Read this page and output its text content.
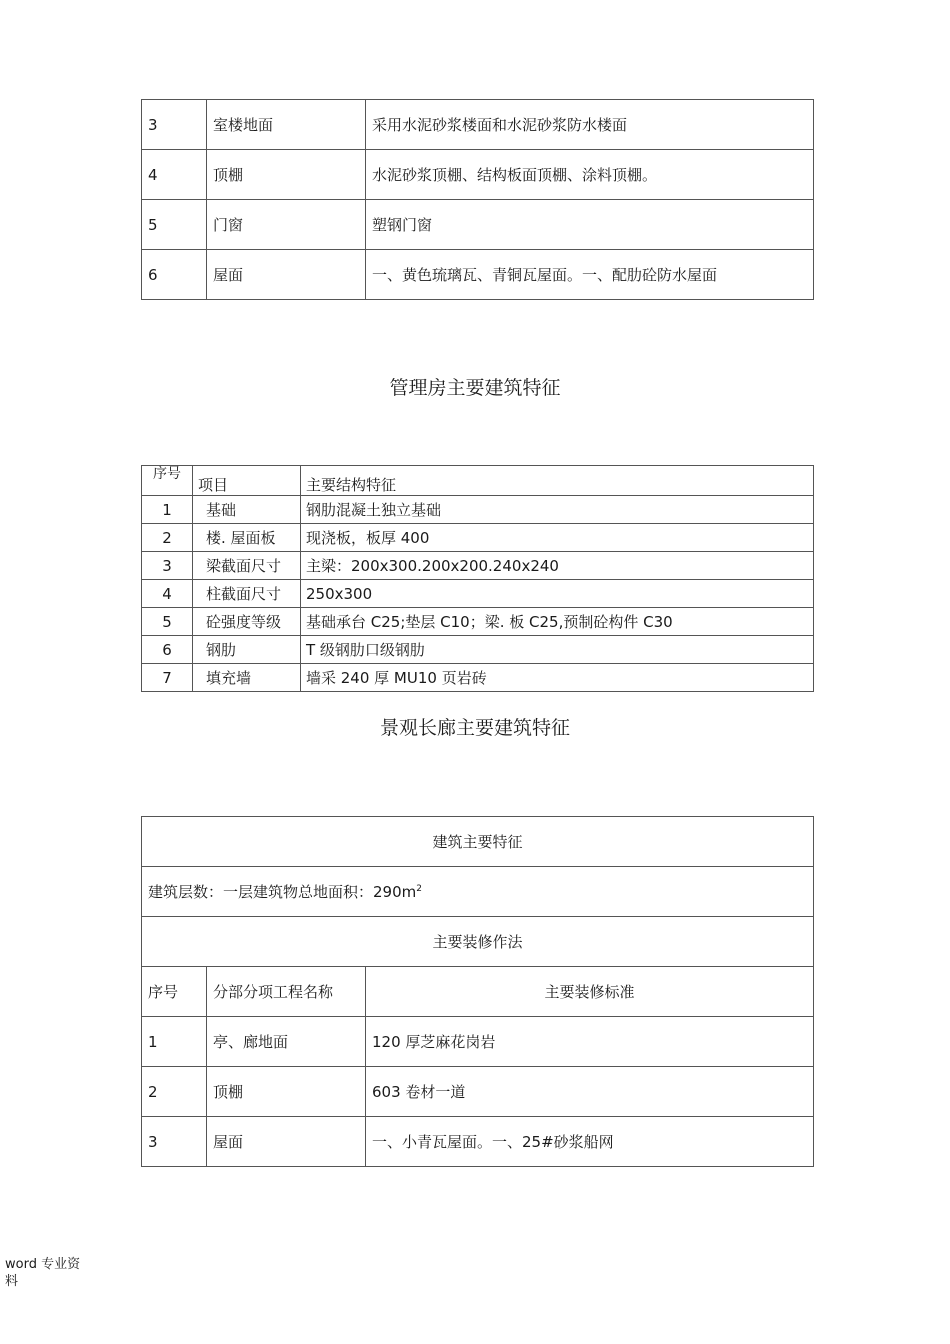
3	室楼地面	采用水泥砂浆楼面和水泥砂浆防水楼面
4	顶棚	水泥砂浆顶棚、结构板面顶棚、涂料顶棚。
5	门窗	塑钢门窗
6	屋面	一、黄色琉璃瓦、青铜瓦屋面。一、配肋砼防水屋面
管理房主要建筑特征
序号	项目	主要结构特征
1	基础	钢肋混凝土独立基础
2	楼. 屋面板	现浇板，板厚 400
3	梁截面尺寸	主梁：200x300.200x200.240x240
4	柱截面尺寸	250x300
5	砼强度等级	基础承台 C25;垫层 C10；梁. 板 C25,预制砼构件 C30
6	钢肋	T 级钢肋口级钢肋
7	填充墙	墙采 240 厚 MU10 页岩砖
景观长廊主要建筑特征
建筑主要特征		
建筑层数：一层建筑物总地面积：$290m^2$
主要装修作法		
序号	分部分项工程名称	主要装修标准
1	亭、廊地面	120 厚芝麻花岗岩
2	顶棚	603 卷材一道
3	屋面	一、小青瓦屋面。一、25#砂浆船网
word 专业资料
